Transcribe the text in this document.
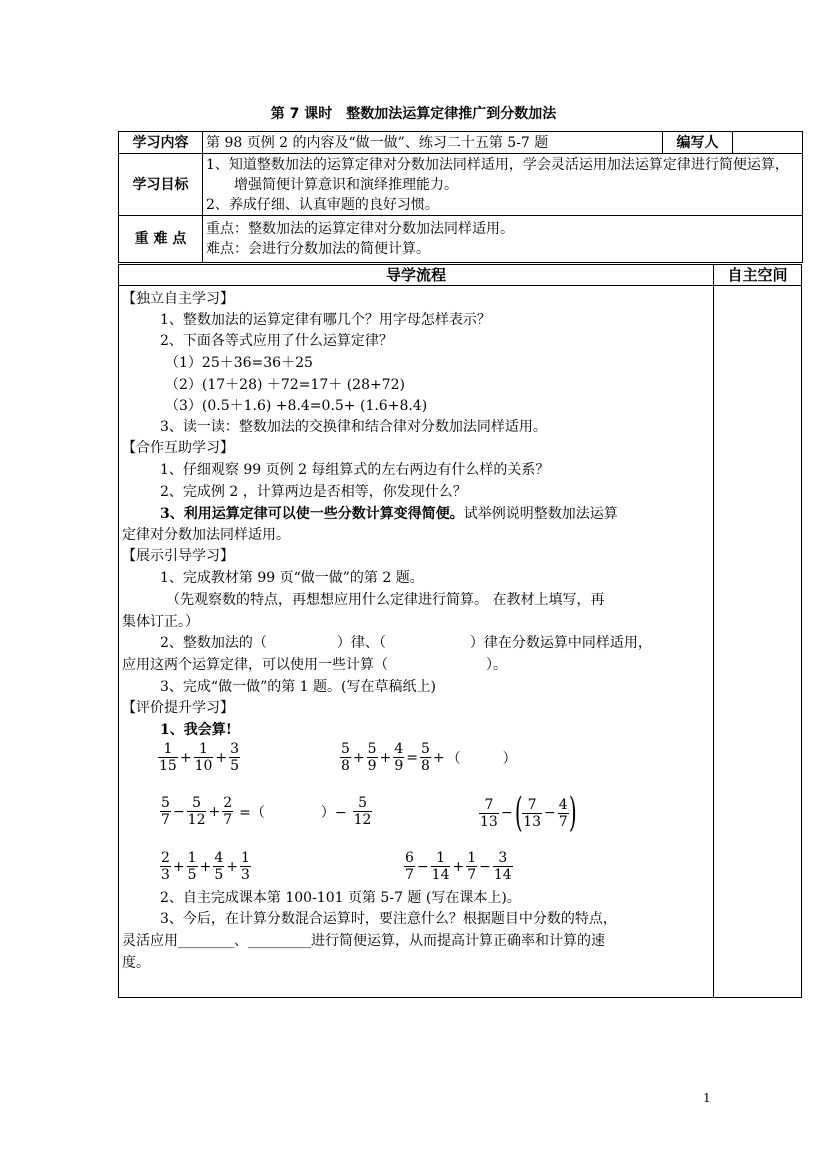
第 7 课时　整数加法运算定律推广到分数加法
学习内容	第 98 页例 2 的内容及“做一做”、练习二十五第 5-7 题	编写人	
学习目标	1、知道整数加法的运算定律对分数加法同样适用，学会灵活运用加法运算定律进行简便运算，增强简便计算意识和演绎推理能力。
2、养成仔细、认真审题的良好习惯。		

重 难 点	重点：整数加法的运算定律对分数加法同样适用。
难点：会进行分数加法的简便计算。		
导学流程	自主空间
【独立自主学习】
1、整数加法的运算定律有哪几个？用字母怎样表示？
2、下面各等式应用了什么运算定律？
（1）25＋36=36＋25
（2）(17＋28) ＋72=17＋ (28+72)
（3）(0.5＋1.6) +8.4=0.5+ (1.6+8.4)
3、读一读：整数加法的交换律和结合律对分数加法同样适用。
【合作互助学习】
1、仔细观察 99 页例 2 每组算式的左右两边有什么样的关系？
2、完成例 2 ，计算两边是否相等，你发现什么？
3、利用运算定律可以使一些分数计算变得简便。试举例说明整数加法运算
定律对分数加法同样适用。
【展示引导学习】
1、完成教材第 99 页“做一做”的第 2 题。
（先观察数的特点，再想想应用什么定律进行简算。 在教材上填写，再
集体订正。）
2、整数加法的（　　　　　）律、（　　　　　　）律在分数运算中同样适用，
应用这两个运算定律，可以使用一些计算（　　　　　　　）。
3、完成“做一做”的第 1 题。(写在草稿纸上)
【评价提升学习】
1、我会算!
$\frac{1}{15} + \frac{1}{10} + \frac{3}{5}$	$\frac{5}{8} + \frac{5}{9} + \frac{4}{9} = \frac{5}{8}$ + （　　　）
$\frac{5}{7} - \frac{5}{12} + \frac{2}{7}$ =（　　　　）− $\frac{5}{12}$	$\frac{7}{13}$ − ( $\frac{7}{13} - \frac{4}{7}$ )
$\frac{2}{3} + \frac{1}{5} + \frac{4}{5} + \frac{1}{3}$	$\frac{6}{7} - \frac{1}{14} + \frac{1}{7} - \frac{3}{14}$
2、自主完成课本第 100-101 页第 5-7 题 (写在课本上)。
3、今后，在计算分数混合运算时，要注意什么？根据题目中分数的特点，
灵活应用________、_________进行简便运算，从而提高计算正确率和计算的速
度。
1
